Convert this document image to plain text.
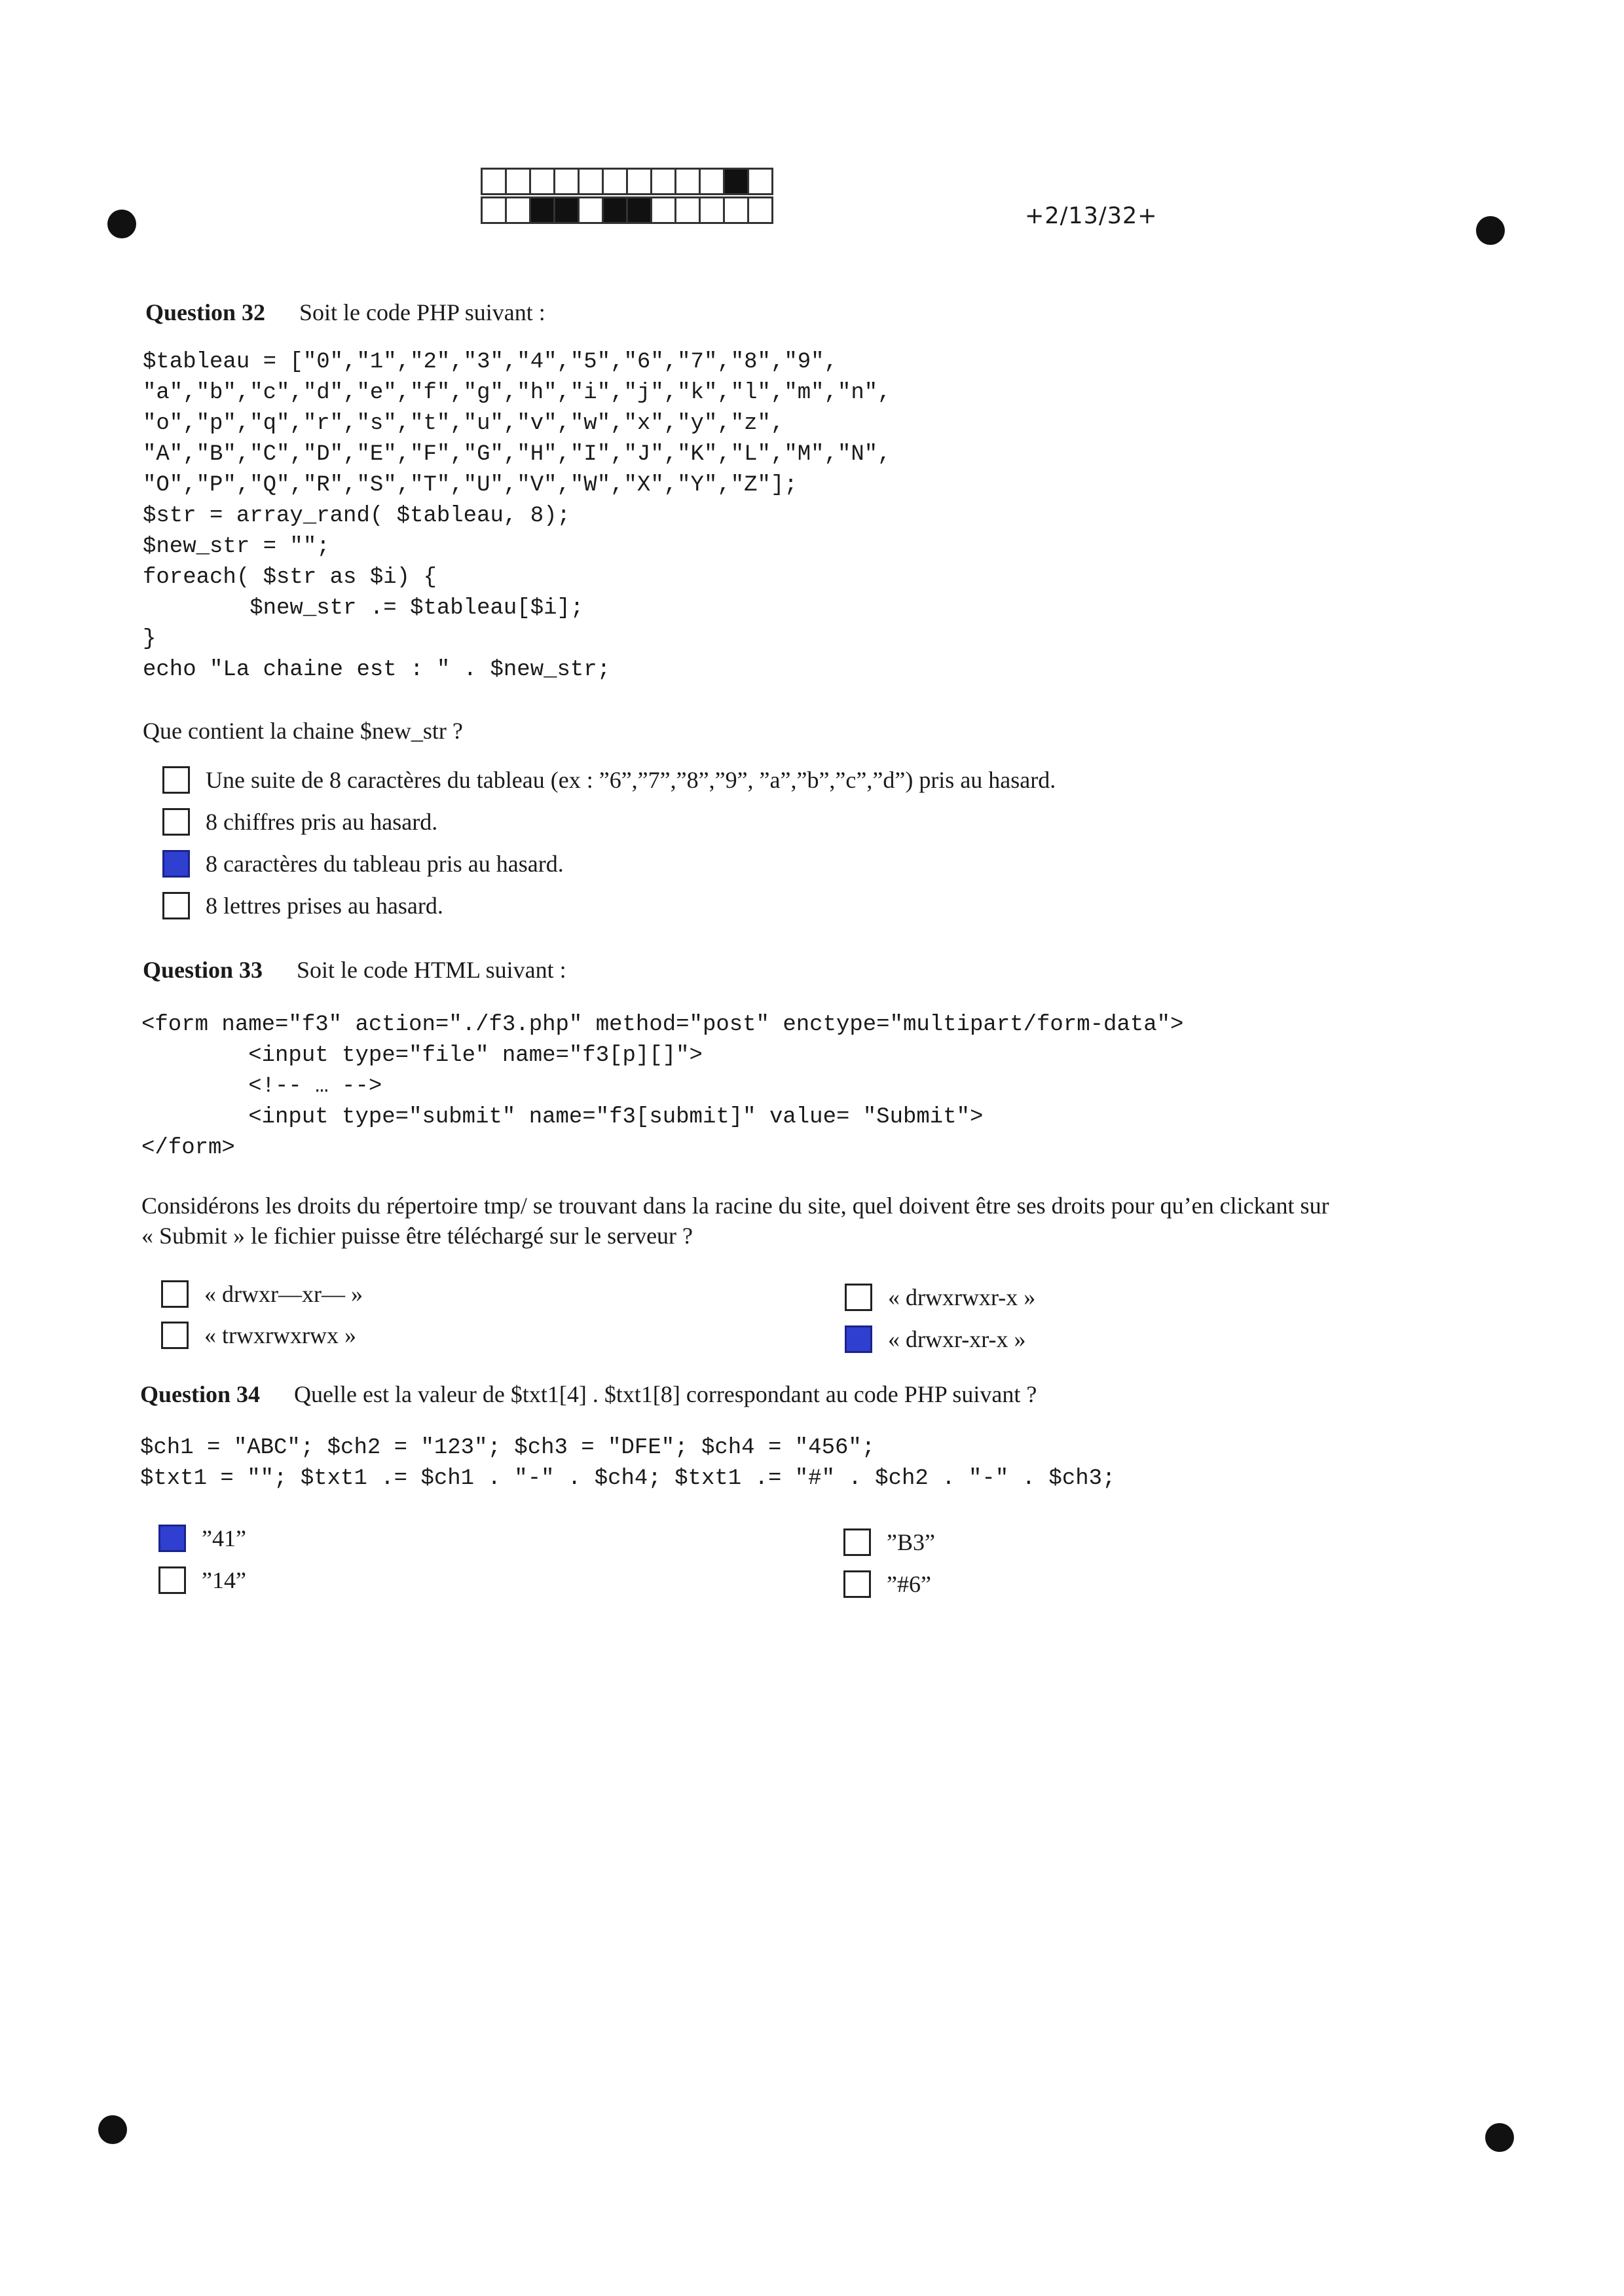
+2/13/32+
Question 32 Soit le code PHP suivant :
$tableau = ["0","1","2","3","4","5","6","7","8","9",
"a","b","c","d","e","f","g","h","i","j","k","l","m","n",
"o","p","q","r","s","t","u","v","w","x","y","z",
"A","B","C","D","E","F","G","H","I","J","K","L","M","N",
"O","P","Q","R","S","T","U","V","W","X","Y","Z"];
$str = array_rand( $tableau, 8);
$new_str = "";
foreach( $str as $i) {
$new_str .= $tableau[$i];
}
echo "La chaine est : " . $new_str;
Que contient la chaine $new_str ?
Une suite de 8 caractères du tableau (ex : ”6”,”7”,”8”,”9”, ”a”,”b”,”c”,”d”) pris au hasard.
8 chiffres pris au hasard.
8 caractères du tableau pris au hasard.
8 lettres prises au hasard.
Question 33 Soit le code HTML suivant :
<form name="f3" action="./f3.php" method="post" enctype="multipart/form-data">
<input type="file" name="f3[p][]">
<!-- … -->
<input type="submit" name="f3[submit]" value= "Submit">
</form>
Considérons les droits du répertoire tmp/ se trouvant dans la racine du site, quel doivent être ses droits pour qu’en clickant sur
« Submit » le fichier puisse être téléchargé sur le serveur ?
« drwxr—xr— »
« trwxrwxrwx »
« drwxrwxr-x »
« drwxr-xr-x »
Question 34 Quelle est la valeur de $txt1[4] . $txt1[8] correspondant au code PHP suivant ?
$ch1 = "ABC"; $ch2 = "123"; $ch3 = "DFE"; $ch4 = "456";
$txt1 = ""; $txt1 .= $ch1 . "-" . $ch4; $txt1 .= "#" . $ch2 . "-" . $ch3;
”41”
”14”
”B3”
”#6”
